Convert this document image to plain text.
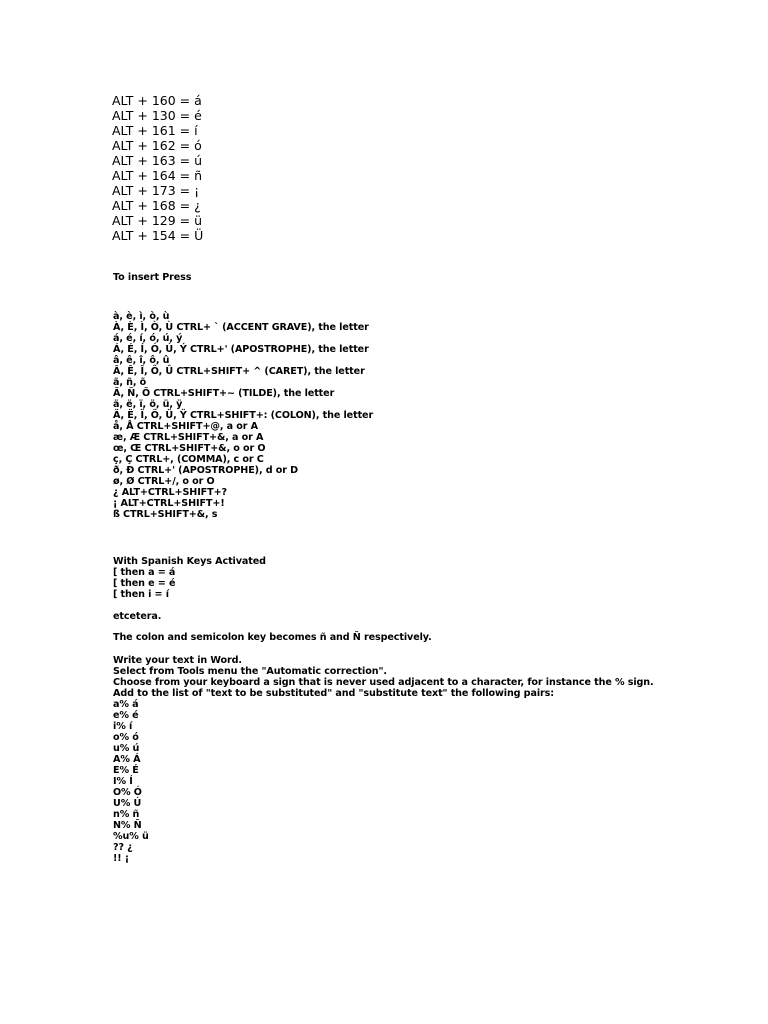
ALT + 160 = á
ALT + 130 = é
ALT + 161 = í
ALT + 162 = ó
ALT + 163 = ú
ALT + 164 = ñ
ALT + 173 = ¡
ALT + 168 = ¿
ALT + 129 = ü
ALT + 154 = Ü
To insert Press
à, è, ì, ò, ù
À, È, Ì, Ò, Ù CTRL+ ` (ACCENT GRAVE), the letter
á, é, í, ó, ú, ý
Á, É, Í, Ó, Ú, Ý CTRL+' (APOSTROPHE), the letter
â, ê, î, ô, û
Â, Ê, Î, Ô, Û CTRL+SHIFT+ ^ (CARET), the letter
ã, ñ, õ
Ã, Ñ, Õ CTRL+SHIFT+~ (TILDE), the letter
ä, ë, ï, ö, ü, ÿ
Ä, Ë, Ï, Ö, Ü, Ÿ CTRL+SHIFT+: (COLON), the letter
å, Å CTRL+SHIFT+@, a or A
æ, Æ CTRL+SHIFT+&, a or A
œ, Œ CTRL+SHIFT+&, o or O
ç, Ç CTRL+, (COMMA), c or C
ð, Ð CTRL+' (APOSTROPHE), d or D
ø, Ø CTRL+/, o or O
¿ ALT+CTRL+SHIFT+?
¡ ALT+CTRL+SHIFT+!
ß CTRL+SHIFT+&, s
With Spanish Keys Activated
[ then a = á
[ then e = é
[ then i = í
etcetera.
The colon and semicolon key becomes ñ and Ñ respectively.
Write your text in Word.
Select from Tools menu the "Automatic correction".
Choose from your keyboard a sign that is never used adjacent to a character, for instance the % sign.
Add to the list of "text to be substituted" and "substitute text" the following pairs:
a% á
e% é
i% í
o% ó
u% ú
A% Á
E% É
I% Í
O% Ó
U% Ú
n% ñ
N% Ñ
%u% ü
?? ¿
!! ¡
